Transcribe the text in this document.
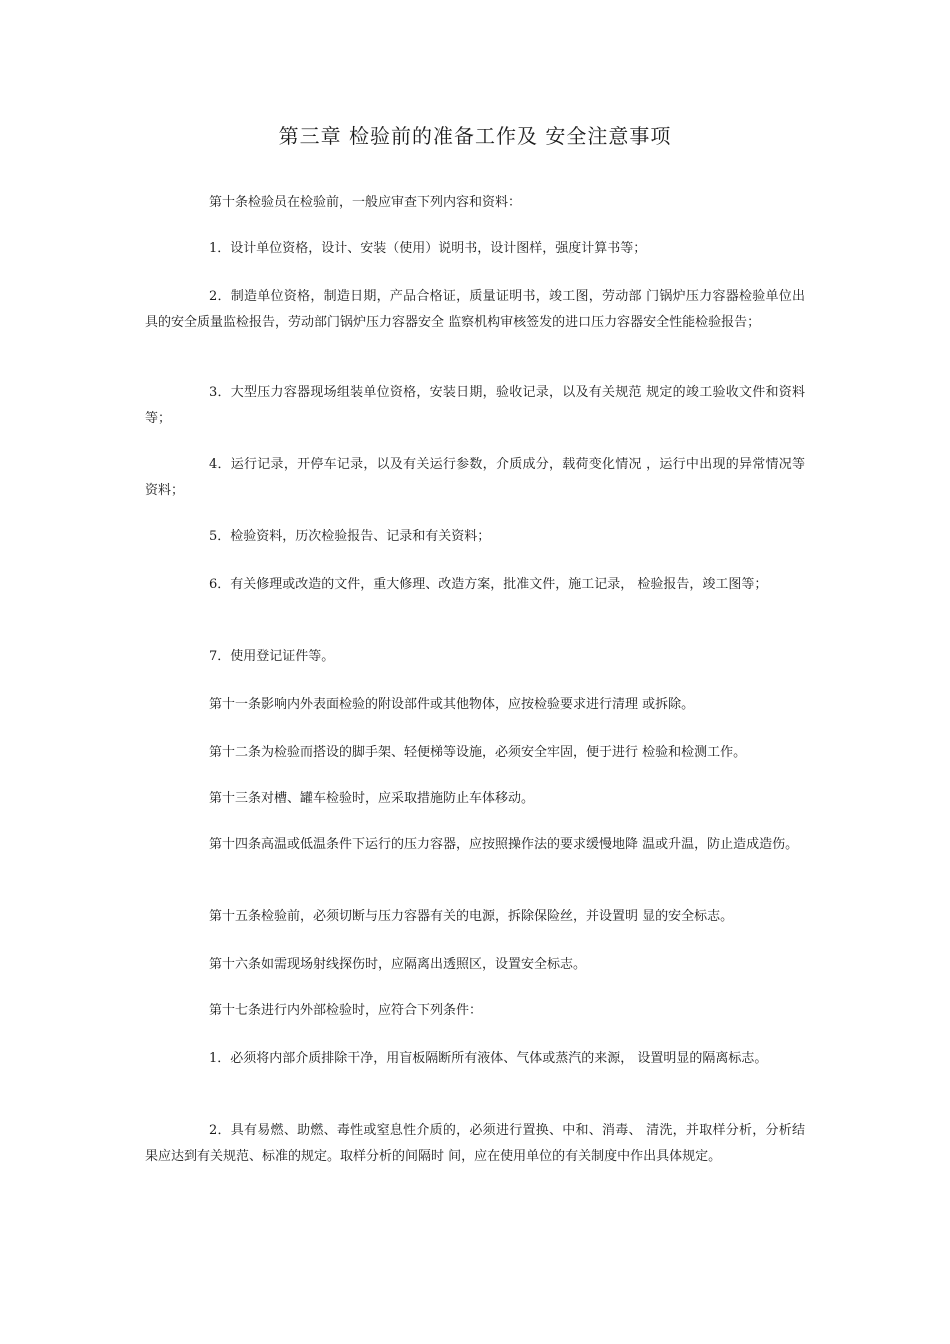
第三章 检验前的准备工作及 安全注意事项

第十条检验员在检验前，一般应审查下列内容和资料：

1．设计单位资格，设计、安装（使用）说明书，设计图样，强度计算书等；

2．制造单位资格，制造日期，产品合格证，质量证明书，竣工图，劳动部 门锅炉压力容器检验单位出具的安全质量监检报告，劳动部门锅炉压力容器安全 监察机构审核签发的进口压力容器安全性能检验报告；

3．大型压力容器现场组装单位资格，安装日期，验收记录，以及有关规范 规定的竣工验收文件和资料等；

4．运行记录，开停车记录，以及有关运行参数，介质成分，载荷变化情况 ，运行中出现的异常情况等资料；

5．检验资料，历次检验报告、记录和有关资料；

6．有关修理或改造的文件，重大修理、改造方案，批准文件，施工记录， 检验报告，竣工图等；

7．使用登记证件等。

第十一条影响内外表面检验的附设部件或其他物体，应按检验要求进行清理 或拆除。

第十二条为检验而搭设的脚手架、轻便梯等设施，必须安全牢固，便于进行 检验和检测工作。

第十三条对槽、罐车检验时，应采取措施防止车体移动。

第十四条高温或低温条件下运行的压力容器，应按照操作法的要求缓慢地降 温或升温，防止造成造伤。

第十五条检验前，必须切断与压力容器有关的电源，拆除保险丝，并设置明 显的安全标志。

第十六条如需现场射线探伤时，应隔离出透照区，设置安全标志。

第十七条进行内外部检验时，应符合下列条件：

1．必须将内部介质排除干净，用盲板隔断所有液体、气体或蒸汽的来源， 设置明显的隔离标志。

2．具有易燃、助燃、毒性或窒息性介质的，必须进行置换、中和、消毒、 清洗，并取样分析，分析结果应达到有关规范、标准的规定。取样分析的间隔时 间，应在使用单位的有关制度中作出具体规定。
